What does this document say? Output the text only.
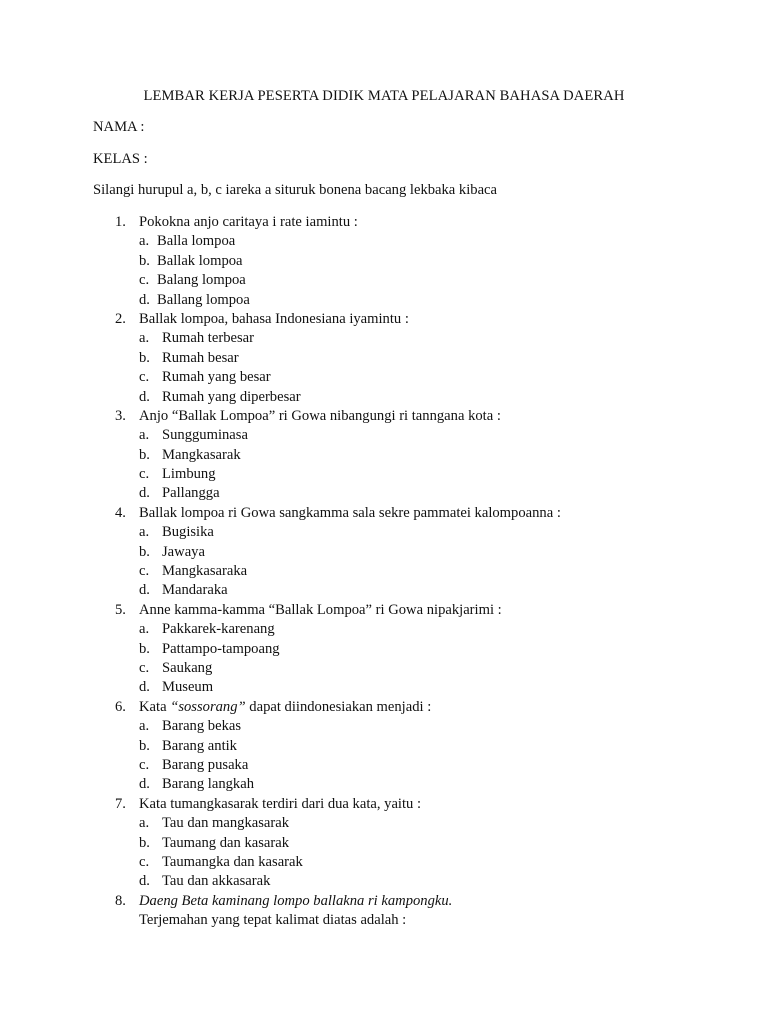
LEMBAR KERJA PESERTA DIDIK MATA PELAJARAN BAHASA DAERAH
NAMA :
KELAS :
Silangi hurupul a, b, c iareka a situruk bonena bacang lekbaka kibaca
1. Pokokna anjo caritaya i rate iamintu :
a. Balla lompoa
b. Ballak lompoa
c. Balang lompoa
d. Ballang lompoa
2. Ballak lompoa, bahasa Indonesiana iyamintu :
a. Rumah terbesar
b. Rumah besar
c. Rumah yang besar
d. Rumah yang diperbesar
3. Anjo “Ballak Lompoa” ri Gowa nibangungi ri tanngana kota :
a. Sungguminasa
b. Mangkasarak
c. Limbung
d. Pallangga
4. Ballak lompoa ri Gowa sangkamma sala sekre pammatei kalompoanna :
a. Bugisika
b. Jawaya
c. Mangkasaraka
d. Mandaraka
5. Anne kamma-kamma “Ballak Lompoa” ri Gowa nipakjarimi :
a. Pakkarek-karenang
b. Pattampo-tampoang
c. Saukang
d. Museum
6. Kata “sossorang” dapat diindonesiakan menjadi :
a. Barang bekas
b. Barang antik
c. Barang pusaka
d. Barang langkah
7. Kata tumangkasarak terdiri dari dua kata, yaitu :
a. Tau dan mangkasarak
b. Taumang dan kasarak
c. Taumangka dan kasarak
d. Tau dan akkasarak
8. Daeng Beta kaminang lompo ballakna ri kampongku.
Terjemahan yang tepat kalimat diatas adalah :
